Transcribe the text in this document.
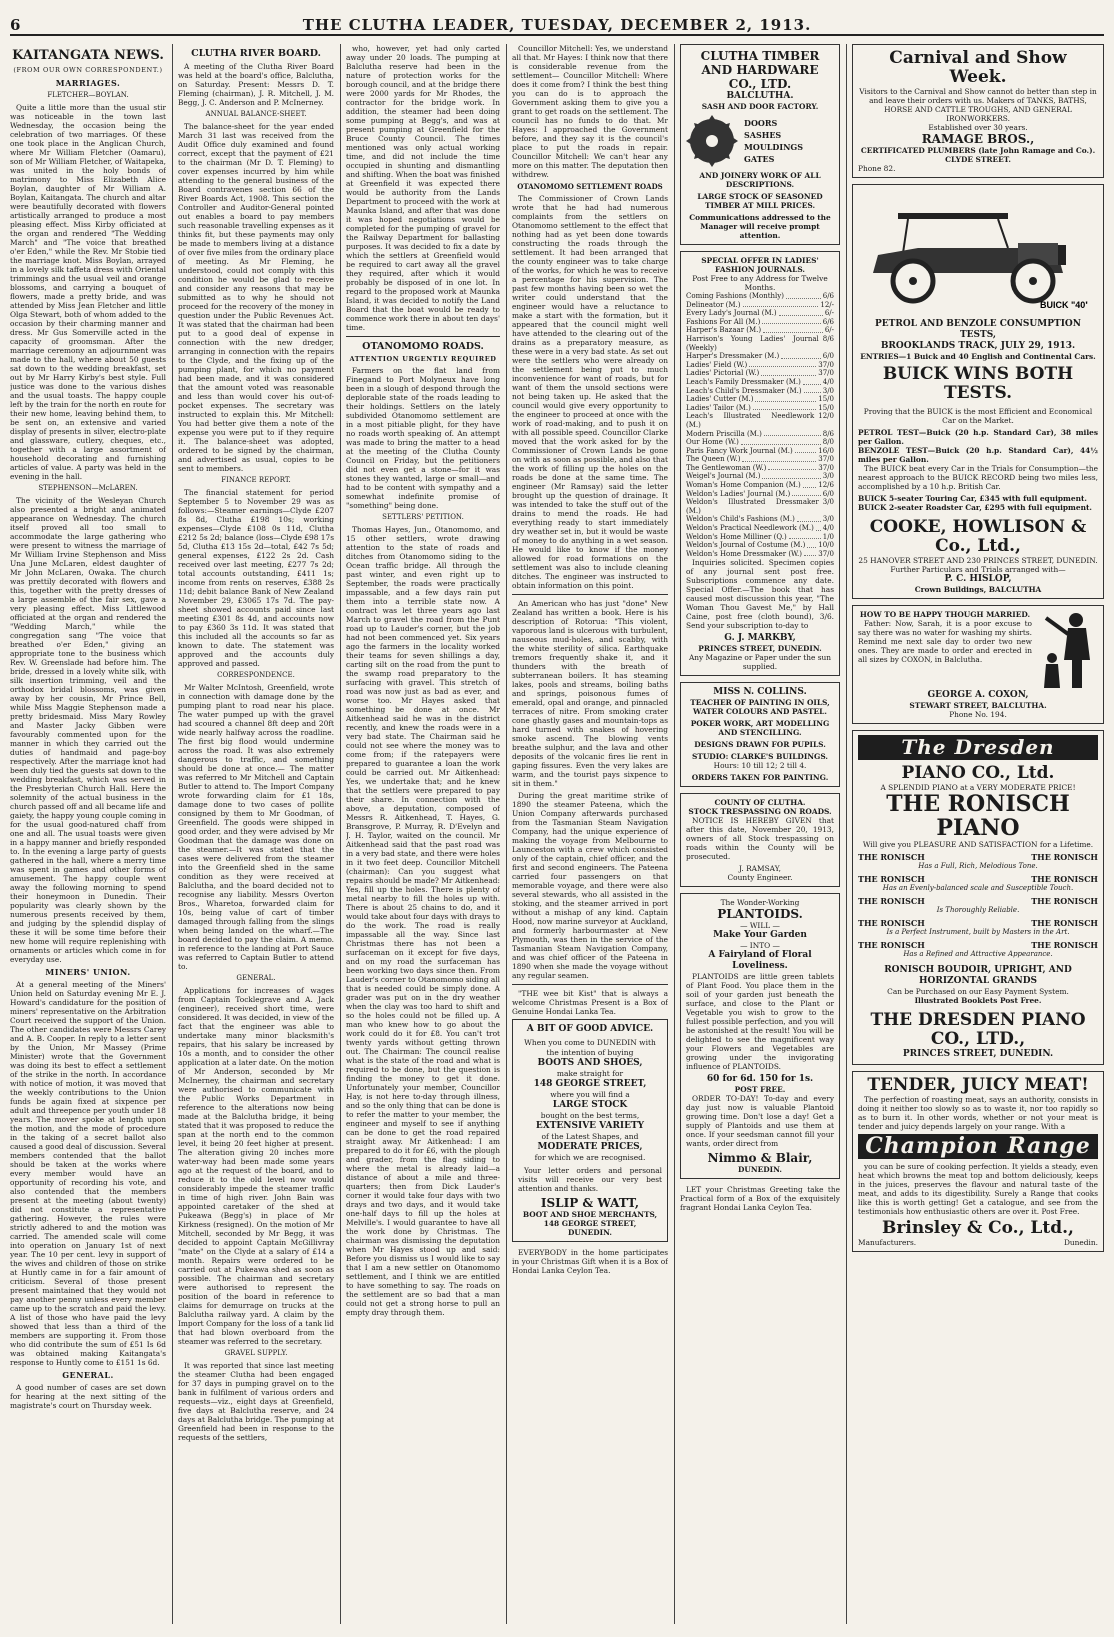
6	THE CLUTHA LEADER, TUESDAY, DECEMBER 2, 1913.
KAITANGATA NEWS.
(FROM OUR OWN CORRESPONDENT.)
MARRIAGES.
FLETCHER—BOYLAN.

Quite a little more than the usual stir was noticeable in the town last Wednesday, the occasion being the celebration of two marriages. Of these one took place in the Anglican Church, where Mr William Fletcher (Oamaru), son of Mr William Fletcher, of Waitapeka, was united in the holy bonds of matrimony to Miss Elizabeth Alice Boylan, daughter of Mr William A. Boylan, Kaitangata. The church and altar were beautifully decorated with flowers artistically arranged to produce a most pleasing effect. Miss Kirby officiated at the organ and rendered "The Wedding March" and "The voice that breathed o'er Eden," while the Rev. Mr Stobie tied the marriage knot. Miss Boylan, arrayed in a lovely silk taffeta dress with Oriental trimmings and the usual veil and orange blossoms, and carrying a bouquet of flowers, made a pretty bride, and was attended by Miss Jean Fletcher and little Olga Stewart, both of whom added to the occasion by their charming manner and dress. Mr Gus Somerville acted in the capacity of groomsman. After the marriage ceremony an adjournment was made to the hall, where about 50 guests sat down to the wedding breakfast, set out by Mr Harry Kirby's best style. Full justice was done to the various dishes and the usual toasts. The happy couple left by the train for the north en route for their new home, leaving behind them, to be sent on, an extensive and varied display of presents in silver, electro-plate and glassware, cutlery, cheques, etc., together with a large assortment of household decorating and furnishing articles of value. A party was held in the evening in the hall.

STEPHENSON—McLAREN.

The vicinity of the Wesleyan Church also presented a bright and animated appearance on Wednesday. The church itself proved all too small to accommodate the large gathering who were present to witness the marriage of Mr William Irvine Stephenson and Miss Una June McLaren, eldest daughter of Mr John McLaren, Owaka. The church was prettily decorated with flowers and this, together with the pretty dresses of a large assemble of the fair sex, gave a very pleasing effect. Miss Littlewood officiated at the organ and rendered the "Wedding March," while the congregation sang "The voice that breathed o'er Eden," giving an appropriate tone to the business which Rev. W. Greenslade had before him. The bride, dressed in a lovely white silk, with silk insertion trimming, veil and the orthodox bridal blossoms, was given away by her cousin, Mr Prince Bell, while Miss Maggie Stephenson made a pretty bridesmaid. Miss Mary Rowley and Master Jacky Gibben were favourably commented upon for the manner in which they carried out the duties of handmaid and page-boy respectively. After the marriage knot had been duly tied the guests sat down to the wedding breakfast, which was served in the Presbyterian Church Hall. Here the solemnity of the actual business in the church passed off and all became life and gaiety, the happy young couple coming in for the usual good-natured chaff from one and all. The usual toasts were given in a happy manner and briefly responded to. In the evening a large party of guests gathered in the hall, where a merry time was spent in games and other forms of amusement. The happy couple went away the following morning to spend their honeymoon in Dunedin. Their popularity was clearly shown by the numerous presents received by them, and judging by the splendid display of these it will be some time before their new home will require replenishing with ornaments or articles which come in for everyday use.

MINERS' UNION.

At a general meeting of the Miners' Union held on Saturday evening Mr E. J. Howard's candidature for the position of miners' representative on the Arbitration Court received the support of the Union. The other candidates were Messrs Carey and A. B. Cooper. In reply to a letter sent by the Union, Mr Massey (Prime Minister) wrote that the Government was doing its best to effect a settlement of the strike in the north. In accordance with notice of motion, it was moved that the weekly contributions to the Union funds be again fixed at sixpence per adult and threepence per youth under 18 years. The mover spoke at length upon the motion, and the mode of procedure in the taking of a secret ballot also caused a good deal of discussion. Several members contended that the ballot should be taken at the works where every member would have an opportunity of recording his vote, and also contended that the members present at the meeting (about twenty) did not constitute a representative gathering. However, the rules were strictly adhered to and the motion was carried. The amended scale will come into operation on January 1st of next year. The 10 per cent. levy in support of the wives and children of those on strike at Huntly came in for a fair amount of criticism. Several of those present present maintained that they would not pay another penny unless every member came up to the scratch and paid the levy. A list of those who have paid the levy showed that less than a third of the members are supporting it. From those who did contribute the sum of £51 Is 6d was obtained making Kaitangata's response to Huntly come to £151 1s 6d.

GENERAL.

A good number of cases are set down for hearing at the next sitting of the magistrate's court on Thursday week.

CLUTHA RIVER BOARD.

A meeting of the Clutha River Board was held at the board's office, Balclutha, on Saturday. Present: Messrs D. T. Fleming (chairman), J. R. Mitchell, J. M. Begg, J. C. Anderson and P. McInerney.

ANNUAL BALANCE-SHEET.

The balance-sheet for the year ended March 31 last was received from the Audit Office duly examined and found correct, except that the payment of £21 to the chairman (Mr D. T. Fleming) to cover expenses incurred by him while attending to the general business of the Board contravenes section 66 of the River Boards Act, 1908. This section the Controller and Auditor-General pointed out enables a board to pay members such reasonable travelling expenses as it thinks fit, but these payments may only be made to members living at a distance of over five miles from the ordinary place of meeting. As Mr Fleming, he understood, could not comply with this condition he would be glad to receive and consider any reasons that may be submitted as to why he should not proceed for the recovery of the money in question under the Public Revenues Act. It was stated that the chairman had been put to a good deal of expense in connection with the new dredger, arranging in connection with the repairs to the Clyde, and the fixing up of the pumping plant, for which no payment had been made, and it was considered that the amount voted was reasonable and less than would cover his out-of-pocket expenses. The secretary was instructed to explain this. Mr Mitchell: You had better give them a note of the expense you were put to if they require it. The balance-sheet was adopted, ordered to be signed by the chairman, and advertised as usual, copies to be sent to members.

FINANCE REPORT.

The financial statement for period September 5 to November 29 was as follows:—Steamer earnings—Clyde £207 8s 8d, Clutha £198 10s; working expenses—Clyde £108 0s 11d, Clutha £212 5s 2d; balance (loss—Clyde £98 17s 5d, Clutha £13 15s 2d—total, £42 7s 5d; general expenses, £122 2s 2d. Cash received over last meeting, £277 7s 2d; total accounts outstanding, £411 1s; income from rents on reserves, £388 2s 11d; debit balance Bank of New Zealand November 29, £3065 17s 7d. The pay-sheet showed accounts paid since last meeting £301 8s 4d, and accounts now to pay £360 3s 11d. It was stated that this included all the accounts so far as known to date. The statement was approved and the accounts duly approved and passed.

CORRESPONDENCE.

Mr Walter McIntosh, Greenfield, wrote in connection with damage done by the pumping plant to road near his place. The water pumped up with the gravel had scoured a channel 8ft deep and 20ft wide nearly halfway across the roadline. The first big flood would undermine across the road. It was also extremely dangerous to traffic, and something should be done at once.— The matter was referred to Mr Mitchell and Captain Butler to attend to. The Import Company wrote forwarding claim for £1 18s, damage done to two cases of pollite consigned by them to Mr Goodman, of Greenfield. The goods were shipped in good order, and they were advised by Mr Goodman that the damage was done on the steamer.—It was stated that the cases were delivered from the steamer into the Greenfield shed in the same condition as they were received at Balclutha, and the board decided not to recognise any liability. Messrs Overton Bros., Wharetoa, forwarded claim for 10s, being value of cart of timber damaged through falling from the slings when being landed on the wharf.—The board decided to pay the claim. A memo. in reference to the landing at Port Sauce was referred to Captain Butler to attend to.

GENERAL.

Applications for increases of wages from Captain Tocklegrave and A. Jack (engineer), received short time, were considered. It was decided, in view of the fact that the engineer was able to undertake many minor blacksmith's repairs, that his salary be increased by 10s a month, and to consider the other application at a later date. On the motion of Mr Anderson, seconded by Mr McInerney, the chairman and secretary were authorised to communicate with the Public Works Department in reference to the alterations now being made at the Balclutha bridge, it being stated that it was proposed to reduce the span at the north end to the common level, it being 20 feet higher at present. The alteration giving 20 inches more water-way had been made some years ago at the request of the board, and to reduce it to the old level now would considerably impede the steamer traffic in time of high river. John Bain was appointed caretaker of the shed at Pukeawa (Begg's) in place of Mr Kirkness (resigned). On the motion of Mr Mitchell, seconded by Mr Begg, it was decided to appoint Captain McGillivray "mate" on the Clyde at a salary of £14 a month. Repairs were ordered to be carried out at Pukeawa shed as soon as possible. The chairman and secretary were authorised to represent the position of the board in reference to claims for demurrage on trucks at the Balclutha railway yard. A claim by the Import Company for the loss of a tank lid that had blown overboard from the steamer was referred to the secretary.

GRAVEL SUPPLY.

It was reported that since last meeting the steamer Clutha had been engaged for 37 days in pumping gravel on to the bank in fulfilment of various orders and requests—viz., eight days at Greenfield, five days at Balclutha reserve, and 24 days at Balclutha bridge. The pumping at Greenfield had been in response to the requests of the settlers,

who, however, yet had only carted away under 20 loads. The pumping at Balclutha reserve had been in the nature of protection works for the borough council, and at the bridge there were 2000 yards for Mr Rhodes, the contractor for the bridge work. In addition, the steamer had been doing some pumping at Begg's, and was at present pumping at Greenfield for the Bruce County Council. The times mentioned was only actual working time, and did not include the time occupied in shunting and dismantling and shifting. When the boat was finished at Greenfield it was expected there would be authority from the Lands Department to proceed with the work at Maunka Island, and after that was done it was hoped negotiations would be completed for the pumping of gravel for the Railway Department for ballasting purposes. It was decided to fix a date by which the settlers at Greenfield would be required to cart away all the gravel they required, after which it would probably be disposed of in one lot. In regard to the proposed work at Maunka Island, it was decided to notify the Land Board that the boat would be ready to commence work there in about ten days' time.

OTANOMOMO ROADS.
ATTENTION URGENTLY REQUIRED

Farmers on the flat land from Finegand to Port Molyneux have long been in a slough of despond through the deplorable state of the roads leading to their holdings. Settlers on the lately subdivided Otanomomo settlement are in a most pitiable plight, for they have no roads worth speaking of. An attempt was made to bring the matter to a head at the meeting of the Clutha County Council on Friday, but the petitioners did not even get a stone—for it was stones they wanted, large or small—and had to be content with sympathy and a somewhat indefinite promise of "something" being done.

SETTLERS' PETITION.

Thomas Hayes, Jun., Otanomomo, and 15 other settlers, wrote drawing attention to the state of roads and ditches from Otanomomo siding to the Ocean traffic bridge. All through the past winter, and even right up to September, the roads were practically impassable, and a few days rain put them into a terrible state now. A contract was let three years ago last March to gravel the road from the Punt road up to Lauder's corner, but the job had not been commenced yet. Six years ago the farmers in the locality worked their teams for seven shillings a day, carting silt on the road from the punt to the swamp road preparatory to the surfacing with gravel. This stretch of road was now just as bad as ever, and worse too. Mr Hayes asked that something be done at once. Mr Aitkenhead said he was in the district recently, and knew the roads were in a very bad state. The Chairman said he could not see where the money was to come from; if the ratepayers were prepared to guarantee a loan the work could be carried out. Mr Aitkenhead: Yes, we undertake that; and he knew that the settlers were prepared to pay their share. In connection with the above, a deputation, composed of Messrs R. Aitkenhead, T. Hayes, G. Bransgrove, P. Murray, R. D'Evelyn and J. H. Taylor, waited on the council. Mr Aitkenhead said that the past road was in a very bad state, and there were holes in it two feet deep. Councillor Mitchell (chairman): Can you suggest what repairs should be made? Mr Aitkenhead: Yes, fill up the holes. There is plenty of metal nearby to fill the holes up with. There is about 25 chains to do, and it would take about four days with drays to do the work. The road is really impassable all the way. Since last Christmas there has not been a surfaceman on it except for five days, and on my road the surfaceman has been working two days since then. From Lauder's corner to Otanomomo siding all that is needed could be simply done. A grader was put on in the dry weather when the clay was too hard to shift and so the holes could not be filled up. A man who knew how to go about the work could do it for £8. You can't trot twenty yards without getting thrown out. The Chairman: The council realise what is the state of the road and what is required to be done, but the question is finding the money to get it done. Unfortunately your member, Councillor Hay, is not here to-day through illness, and so the only thing that can be done is to refer the matter to your member, the engineer and myself to see if anything can be done to get the road repaired straight away. Mr Aitkenhead: I am prepared to do it for £6, with the plough and grader, from the flag siding to where the metal is already laid—a distance of about a mile and three-quarters; then from Dick Lauder's corner it would take four days with two drays and two days, and it would take one-half days to fill up the holes at Melville's. I would guarantee to have all the work done by Christmas. The chairman was dismissing the deputation when Mr Hayes stood up and said: Before you dismiss us I would like to say that I am a new settler on Otanomomo settlement, and I think we are entitled to have something to say. The roads on the settlement are so bad that a man could not get a strong horse to pull an empty dray through them.

Councillor Mitchell: Yes, we understand all that. Mr Hayes: I think now that there is considerable revenue from the settlement— Councillor Mitchell: Where does it come from? I think the best thing you can do is to approach the Government asking them to give you a grant to get roads on the settlement. The council has no funds to do that. Mr Hayes: I approached the Government before, and they say it is the council's place to put the roads in repair. Councillor Mitchell: We can't hear any more on this matter. The deputation then withdrew.

OTANOMOMO SETTLEMENT ROADS

The Commissioner of Crown Lands wrote that he had had numerous complaints from the settlers on Otanomomo settlement to the effect that nothing had as yet been done towards constructing the roads through the settlement. It had been arranged that the county engineer was to take charge of the works, for which he was to receive a percentage for his supervision. The past few months having been so wet the writer could understand that the engineer would have a reluctance to make a start with the formation, but it appeared that the council might well have attended to the clearing out of the drains as a preparatory measure, as these were in a very bad state. As set out were the settlers who were already on the settlement being put to much inconvenience for want of roads, but for want of them the unsold sections were not being taken up. He asked that the council would give every opportunity to the engineer to proceed at once with the work of road-making, and to push it on with all possible speed. Councillor Clarke moved that the work asked for by the Commissioner of Crown Lands be gone on with as soon as possible, and also that the work of filling up the holes on the roads be done at the same time. The engineer (Mr Ramsay) said the letter brought up the question of drainage. It was intended to take the stuff out of the drains to mend the roads. He had everything ready to start immediately dry weather set in, but it would be waste of money to do anything in a wet season. He would like to know if the money allowed for road formations on the settlement was also to include cleaning ditches. The engineer was instructed to obtain information on this point.

An American who has just "done" New Zealand has written a book. Here is his description of Rotorua: "This violent, vaporous land is ulcerous with turbulent, nauseous mud-holes, and scabby, with the white sterility of silica. Earthquake tremors frequently shake it, and it thunders with the breath of subterranean boilers. It has steaming lakes, pools and streams, boiling baths and springs, poisonous fumes of emerald, opal and orange, and pinnacled terraces of nitre. From smoking crater cone ghastly gases and mountain-tops as hard turned with snakes of hovering smoke ascend. The blowing vents breathe sulphur, and the lava and other deposits of the volcanic fires lie rent in gaping fissures. Even the very lakes are warm, and the tourist pays sixpence to sit in them."

During the great maritime strike of 1890 the steamer Pateena, which the Union Company afterwards purchased from the Tasmanian Steam Navigation Company, had the unique experience of making the voyage from Melbourne to Launceston with a crew which consisted only of the captain, chief officer, and the first and second engineers. The Pateena carried four passengers on that memorable voyage, and there were also several stewards, who all assisted in the stoking, and the steamer arrived in port without a mishap of any kind. Captain Hood, now marine surveyor at Auckland, and formerly harbourmaster at New Plymouth, was then in the service of the Tasmanian Steam Navigation Company, and was chief officer of the Pateena in 1890 when she made the voyage without any regular seamen.

"THE wee bit Kist" that is always a welcome Christmas Present is a Box of Genuine Hondai Lanka Tea.

A BIT OF GOOD ADVICE.
When you come to DUNEDIN with
the intention of buying
BOOTS AND SHOES,
make straight for
148 GEORGE STREET,
where you will find a
LARGE STOCK
bought on the best terms,
EXTENSIVE VARIETY
of the Latest Shapes, and
MODERATE PRICES,
for which we are recognised.

Your letter orders and personal visits will receive our very best attention and thanks.

ISLIP & WATT,
BOOT AND SHOE MERCHANTS,
148 GEORGE STREET,
DUNEDIN.

EVERYBODY in the home participates in your Christmas Gift when it is a Box of Hondai Lanka Ceylon Tea.

CLUTHA TIMBER AND HARDWARE CO., LTD.
BALCLUTHA.
SASH AND DOOR FACTORY.
DOORS
SASHES
MOULDINGS
GATES
AND JOINERY WORK OF ALL DESCRIPTIONS.
LARGE STOCK OF SEASONED TIMBER AT MILL PRICES.
Communications addressed to the Manager will receive prompt attention.
SPECIAL OFFER IN LADIES' FASHION JOURNALS.
Post Free to any Address for Twelve Months.
Coming Fashions (Monthly)	6/6
Delineator (M.)	12/-
Every Lady's Journal (M.)	6/-
Fashions For All (M.)	6/6
Harper's Bazaar (M.)	6/-
Harrison's Young Ladies' Journal (Weekly)
8/6
Harper's Dressmaker (M.)	6/0
Ladies' Field (W.)	37/0
Ladies' Pictorial (W.)	37/0
Leach's Family Dressmaker (M.)	4/0
Leach's Child's Dressmaker (M.)	3/0
Ladies' Cutter (M.)	15/0
Ladies' Tailor (M.)	15/0
Leach's Illustrated Needlework (M.)
12/0
Modern Priscilla (M.)	8/6
Our Home (W.)	8/0
Paris Fancy Work Journal (M.)	16/0
The Queen (W.)	37/0
The Gentlewoman (W.)	37/0
Weigel's Journal (M.)	3/0
Woman's Home Companion (M.)	12/6
Weldon's Ladies' Journal (M.)	6/0
Weldon's Illustrated Dressmaker (M.)
3/0
Weldon's Child's Fashions (M.)	3/0
Weldon's Practical Needlework (M.) 4/0
Weldon's Home Milliner (Q.)	1/0
Weldon's Journal of Costume (M.) 10/0
Weldon's Home Dressmaker (W.) 37/0

Inquiries solicited. Specimen copies of any journal sent post free. Subscriptions commence any date. Special Offer.—The book that has caused most discussion this year, "The Woman Thou Gavest Me," by Hall Caine, post free (cloth bound), 3/6. Send your subscription to-day to

G. J. MARKBY,
PRINCES STREET, DUNEDIN.
Any Magazine or Paper under the sun supplied.
MISS N. COLLINS.
TEACHER OF PAINTING IN OILS, WATER COLOURS AND PASTEL.
POKER WORK, ART MODELLING AND STENCILLING.
DESIGNS DRAWN FOR PUPILS.
STUDIO: CLARKE'S BUILDINGS.
Hours: 10 till 12; 2 till 4.
ORDERS TAKEN FOR PAINTING.
COUNTY OF CLUTHA.
STOCK TRESPASSING ON ROADS.

NOTICE IS HEREBY GIVEN that after this date, November 20, 1913, owners of all Stock trespassing on roads within the County will be prosecuted.

J. RAMSAY,
County Engineer.
The Wonder-Working
PLANTOIDS.
— WILL —
Make Your Garden
— INTO —
A Fairyland of Floral Loveliness.

PLANTOIDS are little green tablets of Plant Food. You place them in the soil of your garden just beneath the surface, and close to the Plant or Vegetable you wish to grow to the fullest possible perfection, and you will be astonished at the result! You will be delighted to see the magnificent way your Flowers and Vegetables are growing under the invigorating influence of PLANTOIDS.

60 for 6d. 150 for 1s.
POST FREE.

ORDER TO-DAY! To-day and every day just now is valuable Plantoid growing time. Don't lose a day! Get a supply of Plantoids and use them at once. If your seedsman cannot fill your wants, order direct from

Nimmo & Blair,
DUNEDIN.

LET your Christmas Greeting take the Practical form of a Box of the exquisitely fragrant Hondai Lanka Ceylon Tea.

Carnival and Show Week.
Visitors to the Carnival and Show cannot do better than step in and leave their orders with us. Makers of TANKS, BATHS, HORSE AND CATTLE TROUGHS, AND GENERAL IRONWORKERS.
Established over 30 years.
RAMAGE BROS.,
CERTIFICATED PLUMBERS (late John Ramage and Co.).
CLYDE STREET.
Phone 82.
BUICK "40"
PETROL AND BENZOLE CONSUMPTION TESTS,
BROOKLANDS TRACK, JULY 29, 1913.
ENTRIES—1 Buick and 40 English and Continental Cars.
BUICK WINS BOTH TESTS.
Proving that the BUICK is the most Efficient and Economical Car on the Market.
PETROL TEST—Buick (20 h.p. Standard Car), 38 miles per Gallon.
BENZOLE TEST—Buick (20 h.p. Standard Car), 44½ miles per Gallon.

The BUICK beat every Car in the Trials for Consumption—the nearest approach to the BUICK RECORD being two miles less, accomplished by a 10 h.p. British Car.

BUICK 5-seater Touring Car, £345 with full equipment.
BUICK 2-seater Roadster Car, £295 with full equipment.
COOKE, HOWLISON & Co., Ltd.,
25 HANOVER STREET AND 230 PRINCES STREET, DUNEDIN.
Further Particulars and Trials arranged with—
P. C. HISLOP,
Crown Buildings, BALCLUTHA
HOW TO BE HAPPY THOUGH MARRIED.

Father: Now, Sarah, it is a poor excuse to say there was no water for washing my shirts. Remind me next sale day to order two new ones. They are made to order and erected in all sizes by COXON, in Balclutha.

GEORGE A. COXON,
STEWART STREET, BALCLUTHA.
Phone No. 194.
The Dresden
PIANO CO., Ltd.
A SPLENDID PIANO at a VERY MODERATE PRICE!
THE RONISCH PIANO
Will give you PLEASURE AND SATISFACTION for a Lifetime.
THE RONISCH	THE RONISCH
Has a Full, Rich, Melodious Tone.
THE RONISCH	THE RONISCH
Has an Evenly-balanced scale and Susceptible Touch.
THE RONISCH	THE RONISCH
Is Thoroughly Reliable.
THE RONISCH	THE RONISCH
Is a Perfect Instrument, built by Masters in the Art.
THE RONISCH	THE RONISCH
Has a Refined and Attractive Appearance.
RONISCH BOUDOIR, UPRIGHT, AND HORIZONTAL GRANDS
Can be Purchased on our Easy Payment System.
Illustrated Booklets Post Free.
THE DRESDEN PIANO CO., LTD.,
PRINCES STREET, DUNEDIN.
TENDER, JUICY MEAT!

The perfection of roasting meat, says an authority, consists in doing it neither too slowly so as to waste it, nor too rapidly so as to burn it. In other words, whether or not your meat is tender and juicy depends largely on your range. With a

Champion Range

you can be sure of cooking perfection. It yields a steady, even heat which browns the meat top and bottom deliciously, keeps in the juices, preserves the flavour and natural taste of the meat, and adds to its digestibility. Surely a Range that cooks like this is worth getting! Get a catalogue, and see from the testimonials how enthusiastic others are over it. Post Free.

Brinsley & Co., Ltd.,
Manufacturers.	Dunedin.
